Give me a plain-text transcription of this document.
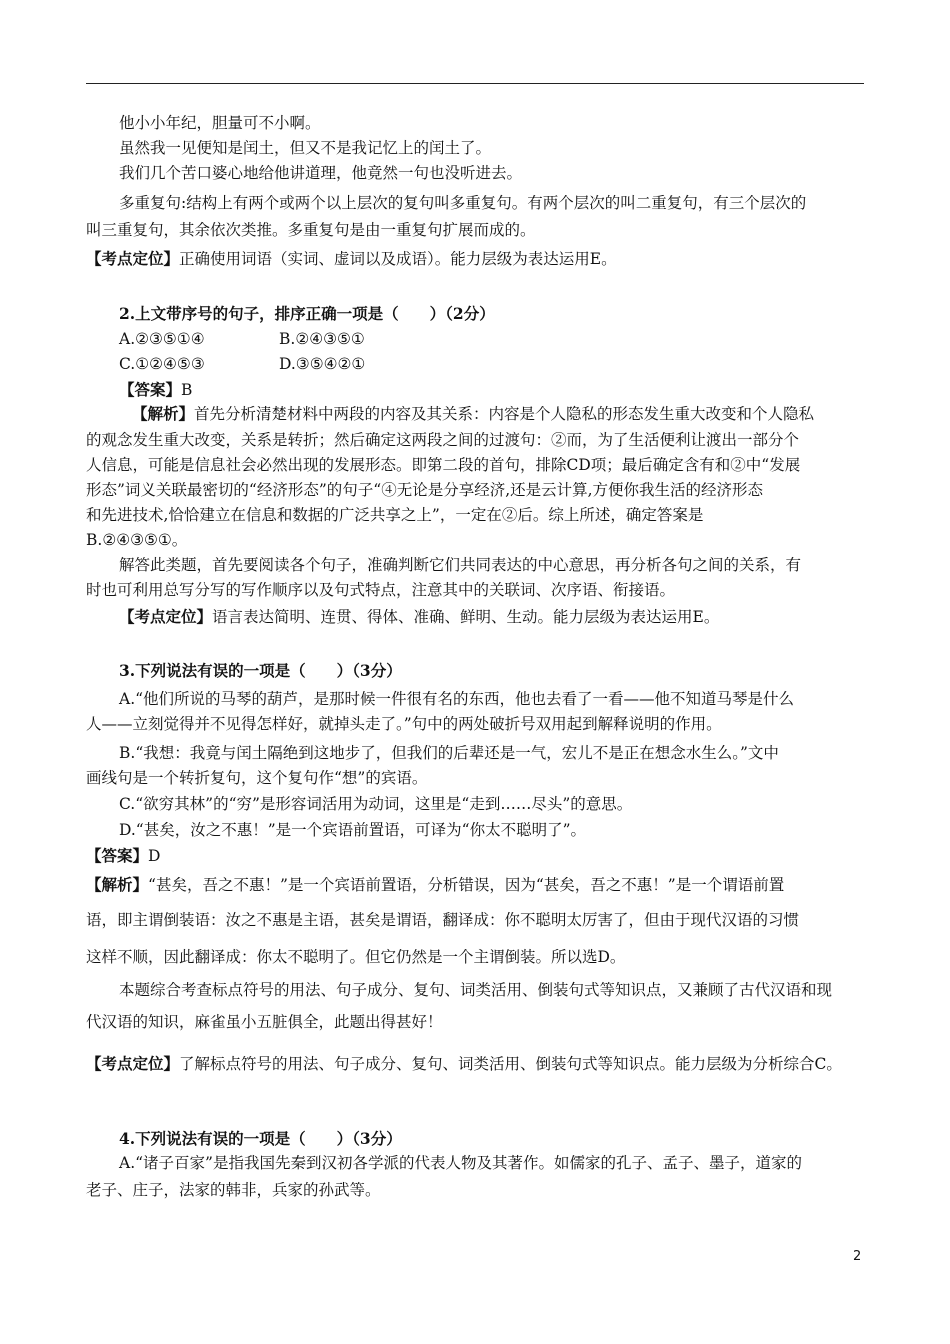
他小小年纪，胆量可不小啊。
虽然我一见便知是闰土，但又不是我记忆上的闰土了。
我们几个苦口婆心地给他讲道理，他竟然一句也没听进去。
多重复句:结构上有两个或两个以上层次的复句叫多重复句。有两个层次的叫二重复句，有三个层次的
叫三重复句，其余依次类推。多重复句是由一重复句扩展而成的。
【考点定位】正确使用词语（实词、虚词以及成语）。能力层级为表达运用E。
2.上文带序号的句子，排序正确一项是（　　）（2分）
A.②③⑤①④	B.②④③⑤①
C.①②④⑤③	D.③⑤④②①
【答案】B
【解析】首先分析清楚材料中两段的内容及其关系：内容是个人隐私的形态发生重大改变和个人隐私
的观念发生重大改变，关系是转折；然后确定这两段之间的过渡句：②而，为了生活便利让渡出一部分个
人信息，可能是信息社会必然出现的发展形态。即第二段的首句，排除CD项；最后确定含有和②中“发展
形态”词义关联最密切的“经济形态”的句子“④无论是分享经济,还是云计算,方便你我生活的经济形态
和先进技术,恰恰建立在信息和数据的广泛共享之上”，一定在②后。综上所述，确定答案是
B.②④③⑤①。
解答此类题，首先要阅读各个句子，准确判断它们共同表达的中心意思，再分析各句之间的关系，有
时也可利用总写分写的写作顺序以及句式特点，注意其中的关联词、次序语、衔接语。
【考点定位】语言表达简明、连贯、得体、准确、鲜明、生动。能力层级为表达运用E。
3.下列说法有误的一项是（　　）（3分）
A.“他们所说的马琴的葫芦，是那时候一件很有名的东西，他也去看了一看——他不知道马琴是什么
人——立刻觉得并不见得怎样好，就掉头走了。”句中的两处破折号双用起到解释说明的作用。
B.“我想：我竟与闰土隔绝到这地步了，但我们的后辈还是一气，宏儿不是正在想念水生么。”文中
画线句是一个转折复句，这个复句作“想”的宾语。
C.“欲穷其林”的“穷”是形容词活用为动词，这里是“走到……尽头”的意思。
D.“甚矣，汝之不惠！”是一个宾语前置语，可译为“你太不聪明了”。
【答案】D
【解析】“甚矣，吾之不惠！”是一个宾语前置语，分析错误，因为“甚矣，吾之不惠！”是一个谓语前置
语，即主谓倒装语：汝之不惠是主语，甚矣是谓语，翻译成：你不聪明太厉害了，但由于现代汉语的习惯
这样不顺，因此翻译成：你太不聪明了。但它仍然是一个主谓倒装。所以选D。
本题综合考查标点符号的用法、句子成分、复句、词类活用、倒装句式等知识点，又兼顾了古代汉语和现
代汉语的知识，麻雀虽小五脏俱全，此题出得甚好！
【考点定位】了解标点符号的用法、句子成分、复句、词类活用、倒装句式等知识点。能力层级为分析综合C。
4.下列说法有误的一项是（　　）（3分）
A.“诸子百家”是指我国先秦到汉初各学派的代表人物及其著作。如儒家的孔子、孟子、墨子，道家的
老子、庄子，法家的韩非，兵家的孙武等。
2
